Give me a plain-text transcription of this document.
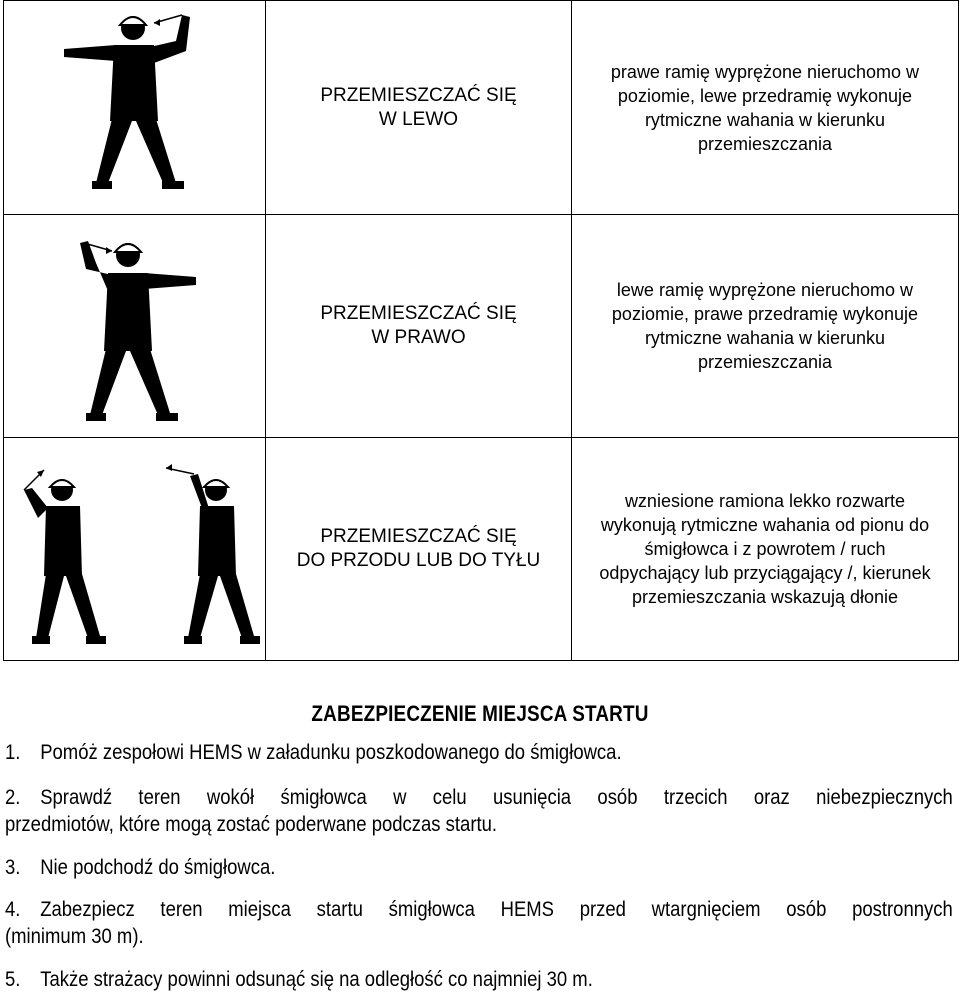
PRZEMIESZCZAĆ SIĘ
W LEWO	prawe ramię wyprężone nieruchomo w
poziomie, lewe przedramię wykonuje
rytmiczne wahania w kierunku
przemieszczania

PRZEMIESZCZAĆ SIĘ
W PRAWO	lewe ramię wyprężone nieruchomo w
poziomie, prawe przedramię wykonuje
rytmiczne wahania w kierunku
przemieszczania

PRZEMIESZCZAĆ SIĘ
DO PRZODU LUB DO TYŁU	wzniesione ramiona lekko rozwarte
wykonują rytmiczne wahania od pionu do
śmigłowca i z powrotem / ruch
odpychający lub przyciągający /, kierunek
przemieszczania wskazują dłonie
ZABEZPIECZENIE MIEJSCA STARTU
1. Pomóż zespołowi HEMS w załadunku poszkodowanego do śmigłowca.
2. Sprawdź teren wokół śmigłowca w celu usunięcia osób trzecich oraz niebezpiecznych
przedmiotów, które mogą zostać poderwane podczas startu.
3. Nie podchodź do śmigłowca.
4. Zabezpiecz teren miejsca startu śmigłowca HEMS przed wtargnięciem osób postronnych
(minimum 30 m).
5. Także strażacy powinni odsunąć się na odległość co najmniej 30 m.
